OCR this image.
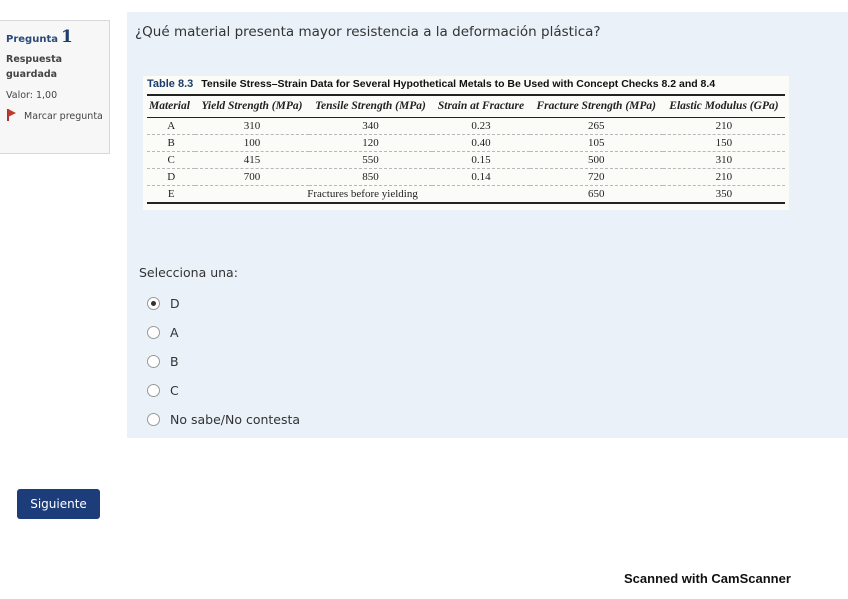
Pregunta 1
Respuesta guardada
Valor: 1,00
Marcar pregunta
¿Qué material presenta mayor resistencia a la deformación plástica?
Table 8.3 Tensile Stress–Strain Data for Several Hypothetical Metals to Be Used with Concept Checks 8.2 and 8.4
Material	Yield Strength (MPa)	Tensile Strength (MPa)	Strain at Fracture	Fracture Strength (MPa)	Elastic Modulus (GPa)
A	310	340	0.23	265	210
B	100	120	0.40	105	150
C	415	550	0.15	500	310
D	700	850	0.14	720	210
E	Fractures before yielding			650	350
Selecciona una:
D
A
B
C
No sabe/No contesta
Siguiente
Scanned with CamScanner
